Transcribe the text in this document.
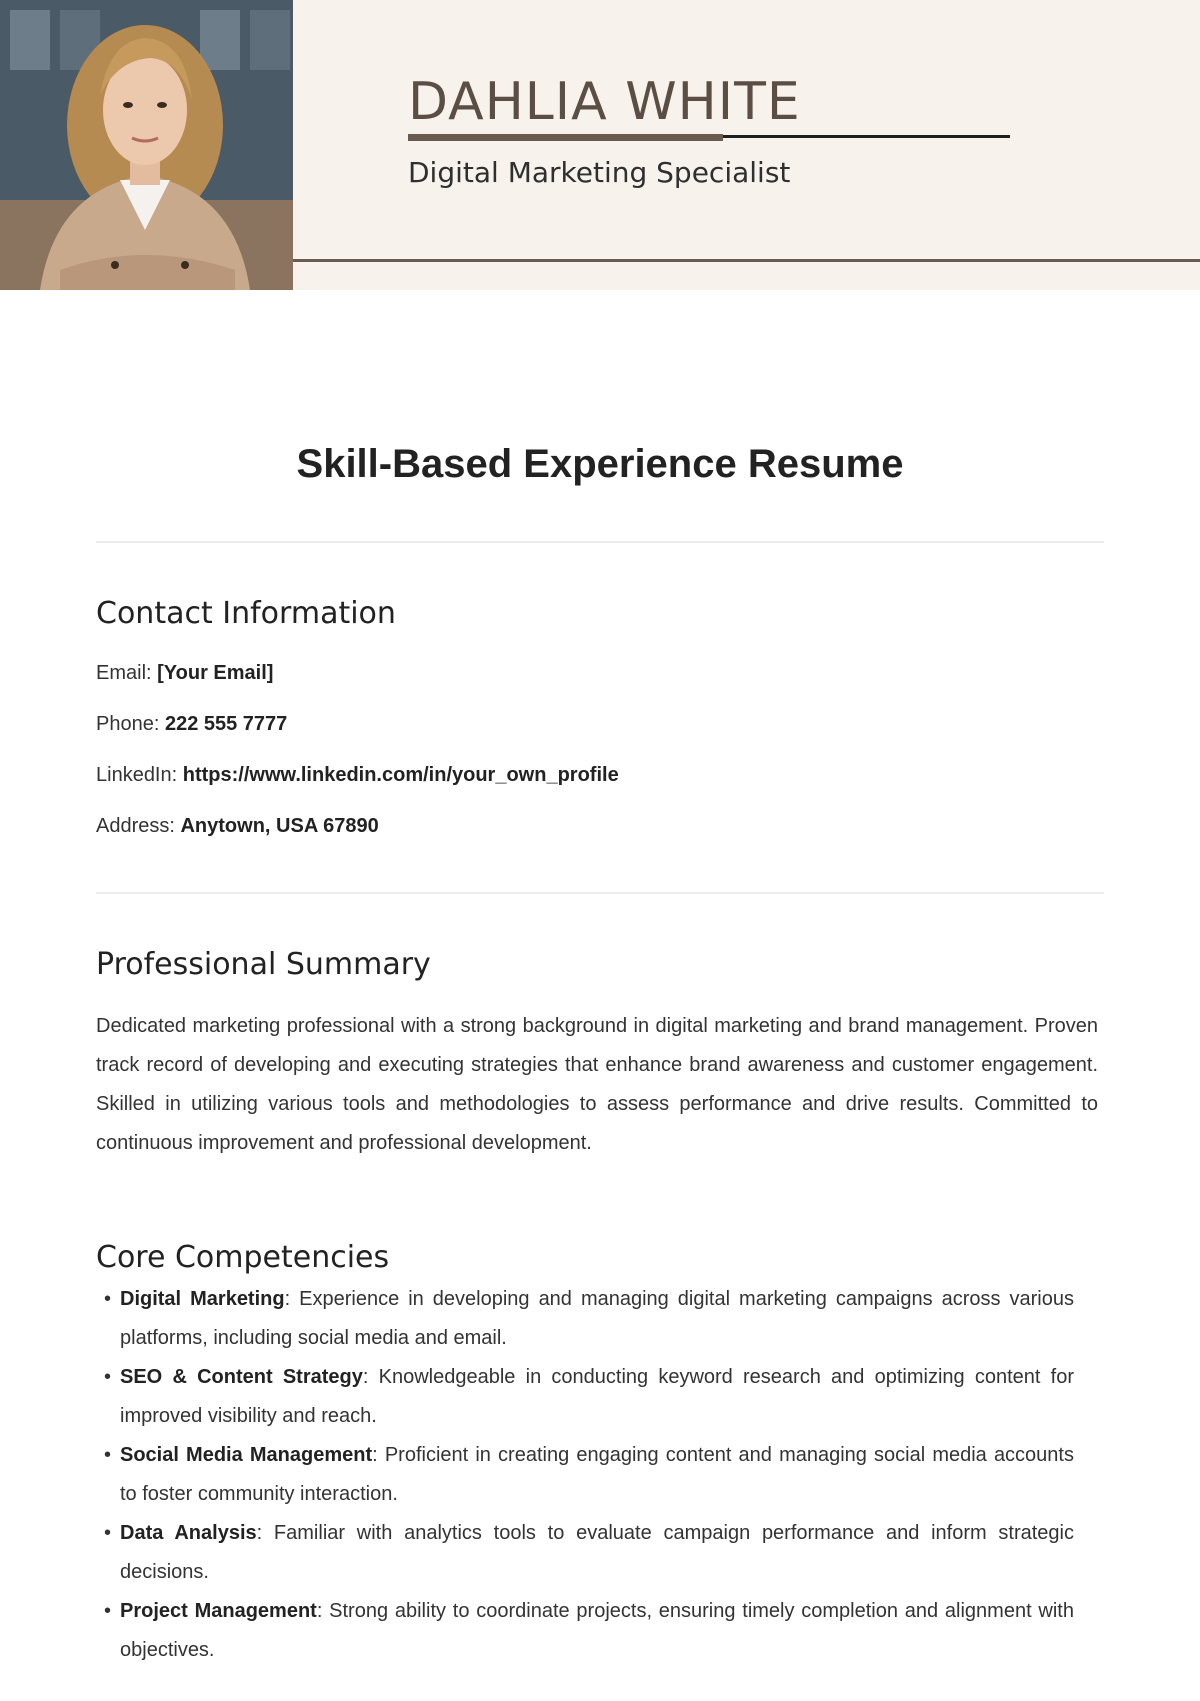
DAHLIA WHITE
Digital Marketing Specialist
Skill-Based Experience Resume
Contact Information
Email: [Your Email]
Phone: 222 555 7777
LinkedIn: https://www.linkedin.com/in/your_own_profile
Address: Anytown, USA 67890
Professional Summary
Dedicated marketing professional with a strong background in digital marketing and brand management. Proven track record of developing and executing strategies that enhance brand awareness and customer engagement. Skilled in utilizing various tools and methodologies to assess performance and drive results. Committed to continuous improvement and professional development.
Core Competencies
• Digital Marketing: Experience in developing and managing digital marketing campaigns across various platforms, including social media and email.
• SEO & Content Strategy: Knowledgeable in conducting keyword research and optimizing content for improved visibility and reach.
• Social Media Management: Proficient in creating engaging content and managing social media accounts to foster community interaction.
• Data Analysis: Familiar with analytics tools to evaluate campaign performance and inform strategic decisions.
• Project Management: Strong ability to coordinate projects, ensuring timely completion and alignment with objectives.
